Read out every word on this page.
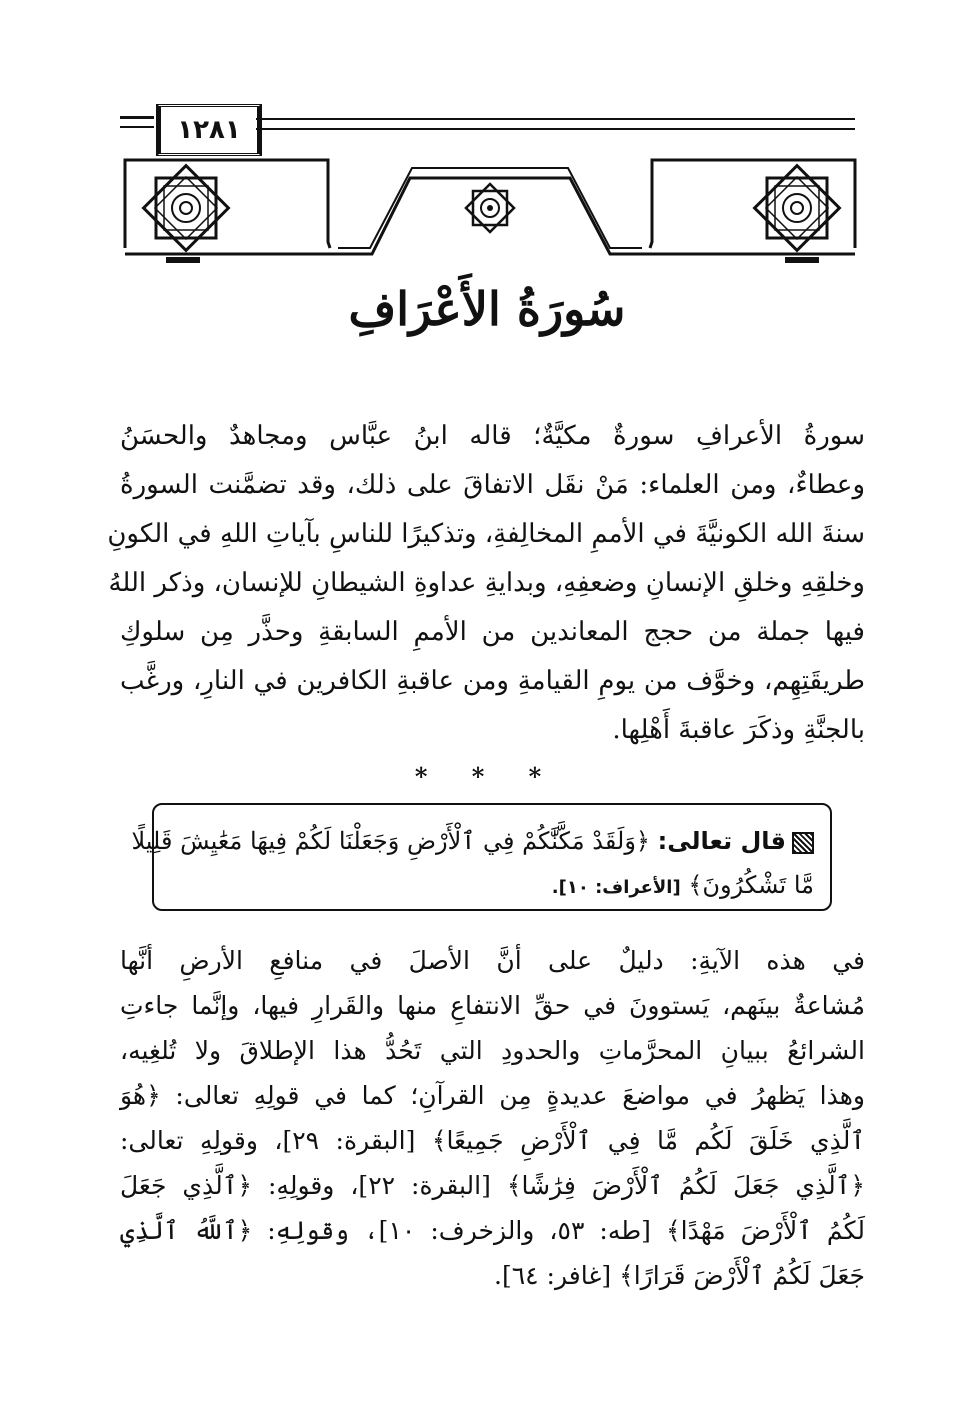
١٢٨١
سُورَةُ الأَعْرَافِ
سورةُ الأعرافِ سورةٌ مكيَّةٌ؛ قاله ابنُ عبَّاس ومجاهدٌ والحسَنُ
وعطاءٌ، ومن العلماء: مَنْ نقَل الاتفاقَ على ذلك، وقد تضمَّنت السورةُ
سنةَ الله الكونيَّةَ في الأممِ المخالِفةِ، وتذكيرًا للناسِ بآياتِ اللهِ في الكونِ
وخلقِهِ وخلقِ الإنسانِ وضعفِهِ، وبدايةِ عداوةِ الشيطانِ للإنسان، وذكر اللهُ
فيها جملة من حجج المعاندين من الأممِ السابقةِ وحذَّر مِن سلوكِ
طريقَتِهِم، وخوَّف من يومِ القيامةِ ومن عاقبةِ الكافرين في النارِ، ورغَّب
بالجنَّةِ وذكَرَ عاقبةَ أَهْلِها.
* * *
قال تعالى: ﴿وَلَقَدْ مَكَّنَّٰكُمْ فِي ٱلْأَرْضِ وَجَعَلْنَا لَكُمْ فِيهَا مَعَٰيِشَ قَلِيلًا
مَّا تَشْكُرُونَ﴾ [الأعراف: ١٠].
في هذه الآيةِ: دليلٌ على أنَّ الأصلَ في منافعِ الأرضِ أنَّها
مُشاعةٌ بينَهم، يَستوونَ في حقِّ الانتفاعِ منها والقَرارِ فيها، وإنَّما جاءتِ
الشرائعُ ببيانِ المحرَّماتِ والحدودِ التي تَحُدُّ هذا الإطلاقَ ولا تُلغِيه،
وهذا يَظهرُ في مواضعَ عديدةٍ مِن القرآنِ؛ كما في قولِهِ تعالى: ﴿هُوَ
ٱلَّذِي خَلَقَ لَكُم مَّا فِي ٱلْأَرْضِ جَمِيعًا﴾ [البقرة: ٢٩]، وقولِهِ تعالى:
﴿ٱلَّذِي جَعَلَ لَكُمُ ٱلْأَرْضَ فِرَٰشًا﴾ [البقرة: ٢٢]، وقولِهِ: ﴿ٱلَّذِي جَعَلَ
لَكُمُ ٱلْأَرْضَ مَهْدًا﴾ [طه: ٥٣، والزخرف: ١٠]، وقولِهِ: ﴿ٱللَّهُ ٱلَّذِي
جَعَلَ لَكُمُ ٱلْأَرْضَ قَرَارًا﴾ [غافر: ٦٤].
